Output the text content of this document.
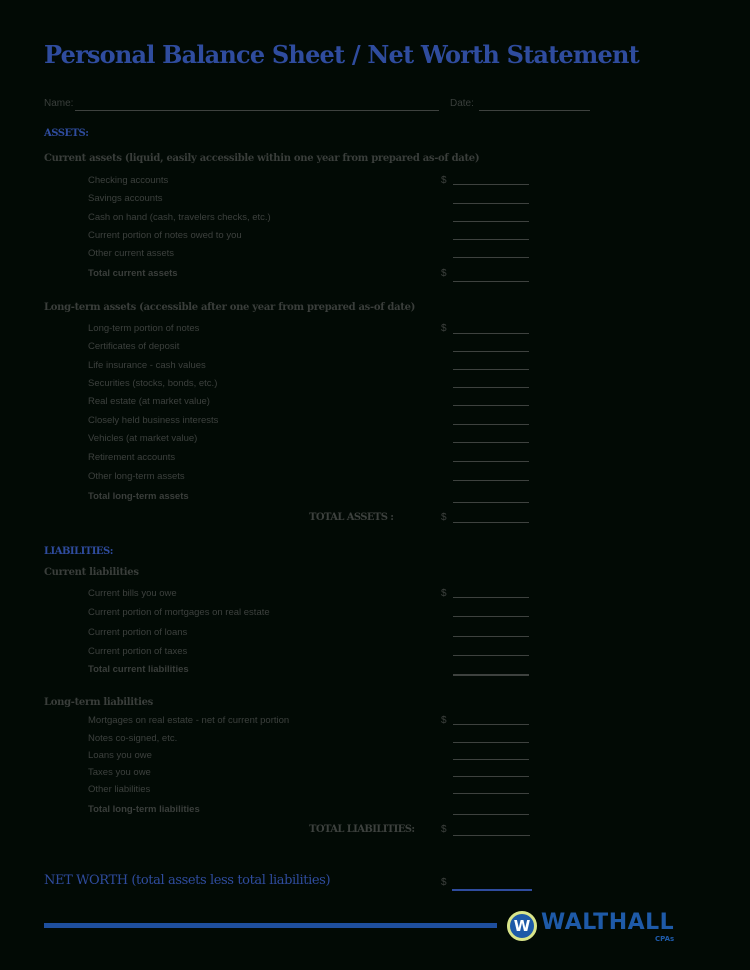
Personal Balance Sheet / Net Worth Statement
Name:	Date:
ASSETS:
Current assets (liquid, easily accessible within one year from prepared as-of date)
Checking accounts	$
Savings accounts
Cash on hand (cash, travelers checks, etc.)
Current portion of notes owed to you
Other current assets
Total current assets	$
Long-term assets (accessible after one year from prepared as-of date)
Long-term portion of notes	$
Certificates of deposit
Life insurance - cash values
Securities (stocks, bonds, etc.)
Real estate (at market value)
Closely held business interests
Vehicles (at market value)
Retirement accounts
Other long-term assets
Total long-term assets
TOTAL ASSETS :	$
LIABILITIES:
Current liabilities
Current bills you owe	$
Current portion of mortgages on real estate
Current portion of loans
Current portion of taxes
Total current liabilities
Long-term liabilities
Mortgages on real estate - net of current portion	$
Notes co-signed, etc.
Loans you owe
Taxes you owe
Other liabilities
Total long-term liabilities
TOTAL LIABILITIES:	$
NET WORTH (total assets less total liabilities)	$
W WALTHALL
CPAs
